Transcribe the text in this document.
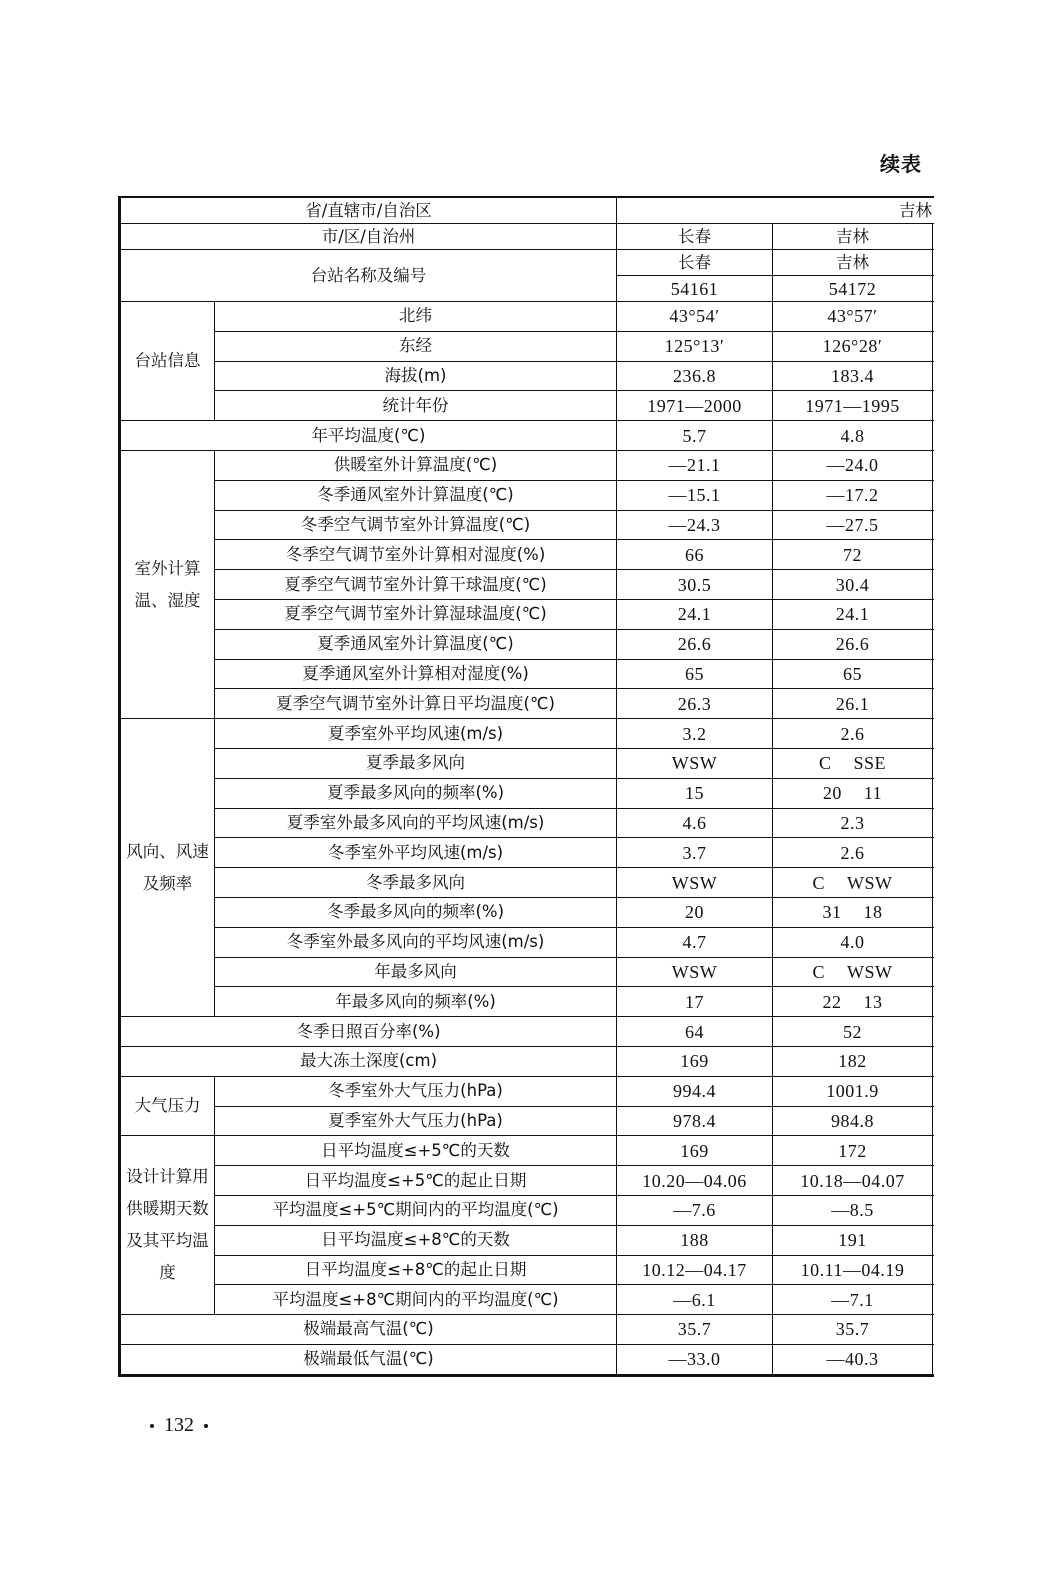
续表
省/直辖市/自治区		吉林		
市/区/自治州		长春	吉林	
台站名称及编号		长春	吉林	
		54161	54172	
台站信息	北纬	43°54′	43°57′	
	东经	125°13′	126°28′	
	海拔(m)	236.8	183.4	
	统计年份	1971—2000	1971—1995	
年平均温度(℃)		5.7	4.8	
室外计算温、湿度	供暖室外计算温度(℃)	—21.1	—24.0	
	冬季通风室外计算温度(℃)	—15.1	—17.2	
	冬季空气调节室外计算温度(℃)	—24.3	—27.5	
	冬季空气调节室外计算相对湿度(%)	66	72	
	夏季空气调节室外计算干球温度(℃)	30.5	30.4	
	夏季空气调节室外计算湿球温度(℃)	24.1	24.1	
	夏季通风室外计算温度(℃)	26.6	26.6	
	夏季通风室外计算相对湿度(%)	65	65	
	夏季空气调节室外计算日平均温度(℃)	26.3	26.1	
风向、风速及频率	夏季室外平均风速(m/s)	3.2	2.6	
	夏季最多风向	WSW	C SSE	
	夏季最多风向的频率(%)	15	20 11	
	夏季室外最多风向的平均风速(m/s)	4.6	2.3	
	冬季室外平均风速(m/s)	3.7	2.6	
	冬季最多风向	WSW	C WSW	
	冬季最多风向的频率(%)	20	31 18	
	冬季室外最多风向的平均风速(m/s)	4.7	4.0	
	年最多风向	WSW	C WSW	
	年最多风向的频率(%)	17	22 13	
冬季日照百分率(%)		64	52	
最大冻土深度(cm)		169	182	
大气压力	冬季室外大气压力(hPa)	994.4	1001.9	
	夏季室外大气压力(hPa)	978.4	984.8	
设计计算用供暖期天数及其平均温度	日平均温度≤+5℃的天数	169	172	
	日平均温度≤+5℃的起止日期	10.20—04.06	10.18—04.07	
	平均温度≤+5℃期间内的平均温度(℃)	—7.6	—8.5	
	日平均温度≤+8℃的天数	188	191	
	日平均温度≤+8℃的起止日期	10.12—04.17	10.11—04.19	
	平均温度≤+8℃期间内的平均温度(℃)	—6.1	—7.1	
极端最高气温(℃)		35.7	35.7	
极端最低气温(℃)		—33.0	—40.3	
132
